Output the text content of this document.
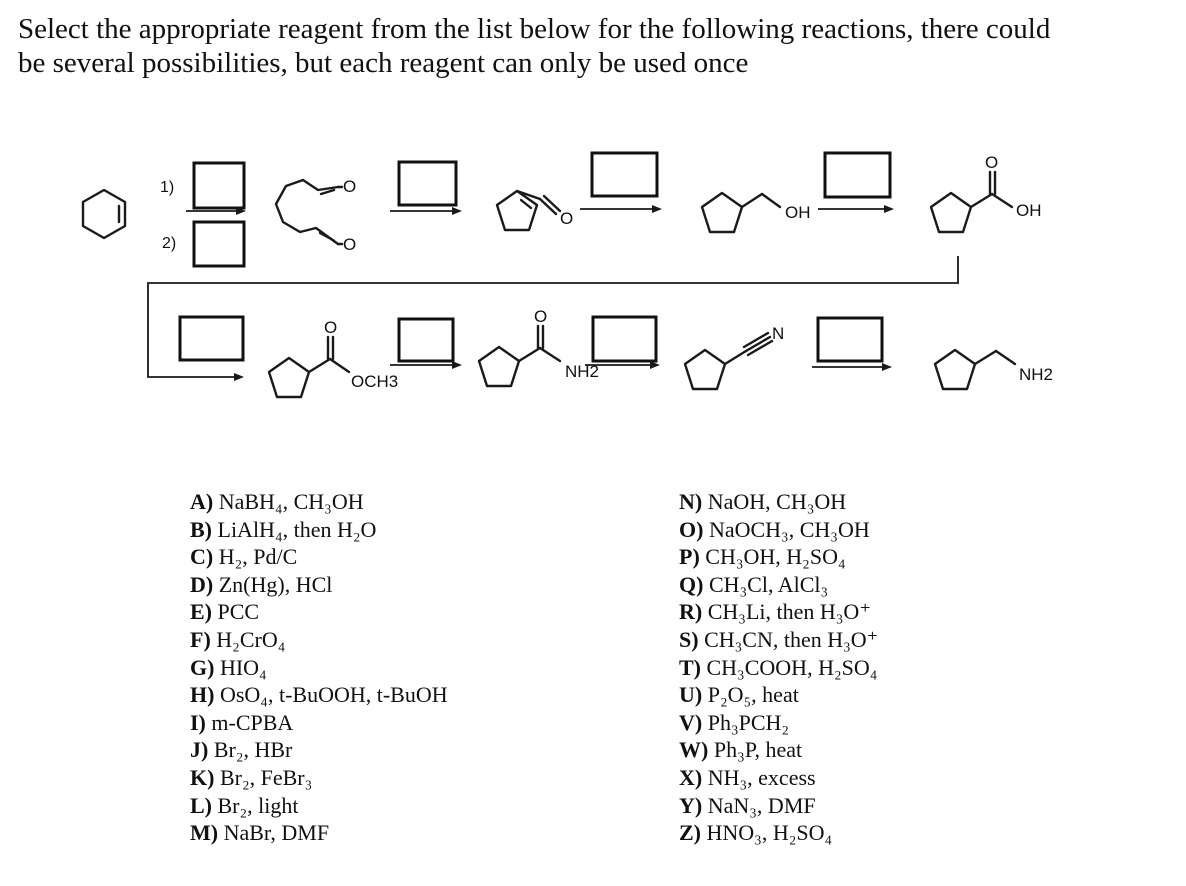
Select the appropriate reagent from the list below for the following reactions, there could
be several possibilities, but each reagent can only be used once
1)
2)
O
O
O	OH
O
OH
O
OCH3
O
NH2
N
NH2
A) NaBH₄, CH₃OH
B) LiAlH₄, then H₂O
C) H₂, Pd/C
D) Zn(Hg), HCl
E) PCC
F) H₂CrO₄
G) HIO₄
H) OsO₄, t-BuOOH, t-BuOH
I) m-CPBA
J) Br₂, HBr
K) Br₂, FeBr₃
L) Br₂, light
M) NaBr, DMF
N) NaOH, CH₃OH
O) NaOCH₃, CH₃OH
P) CH₃OH, H₂SO₄
Q) CH₃Cl, AlCl₃
R) CH₃Li, then H₃O⁺
S) CH₃CN, then H₃O⁺
T) CH₃COOH, H₂SO₄
U) P₂O₅, heat
V) Ph₃PCH₂
W) Ph₃P, heat
X) NH₃, excess
Y) NaN₃, DMF
Z) HNO₃, H₂SO₄
